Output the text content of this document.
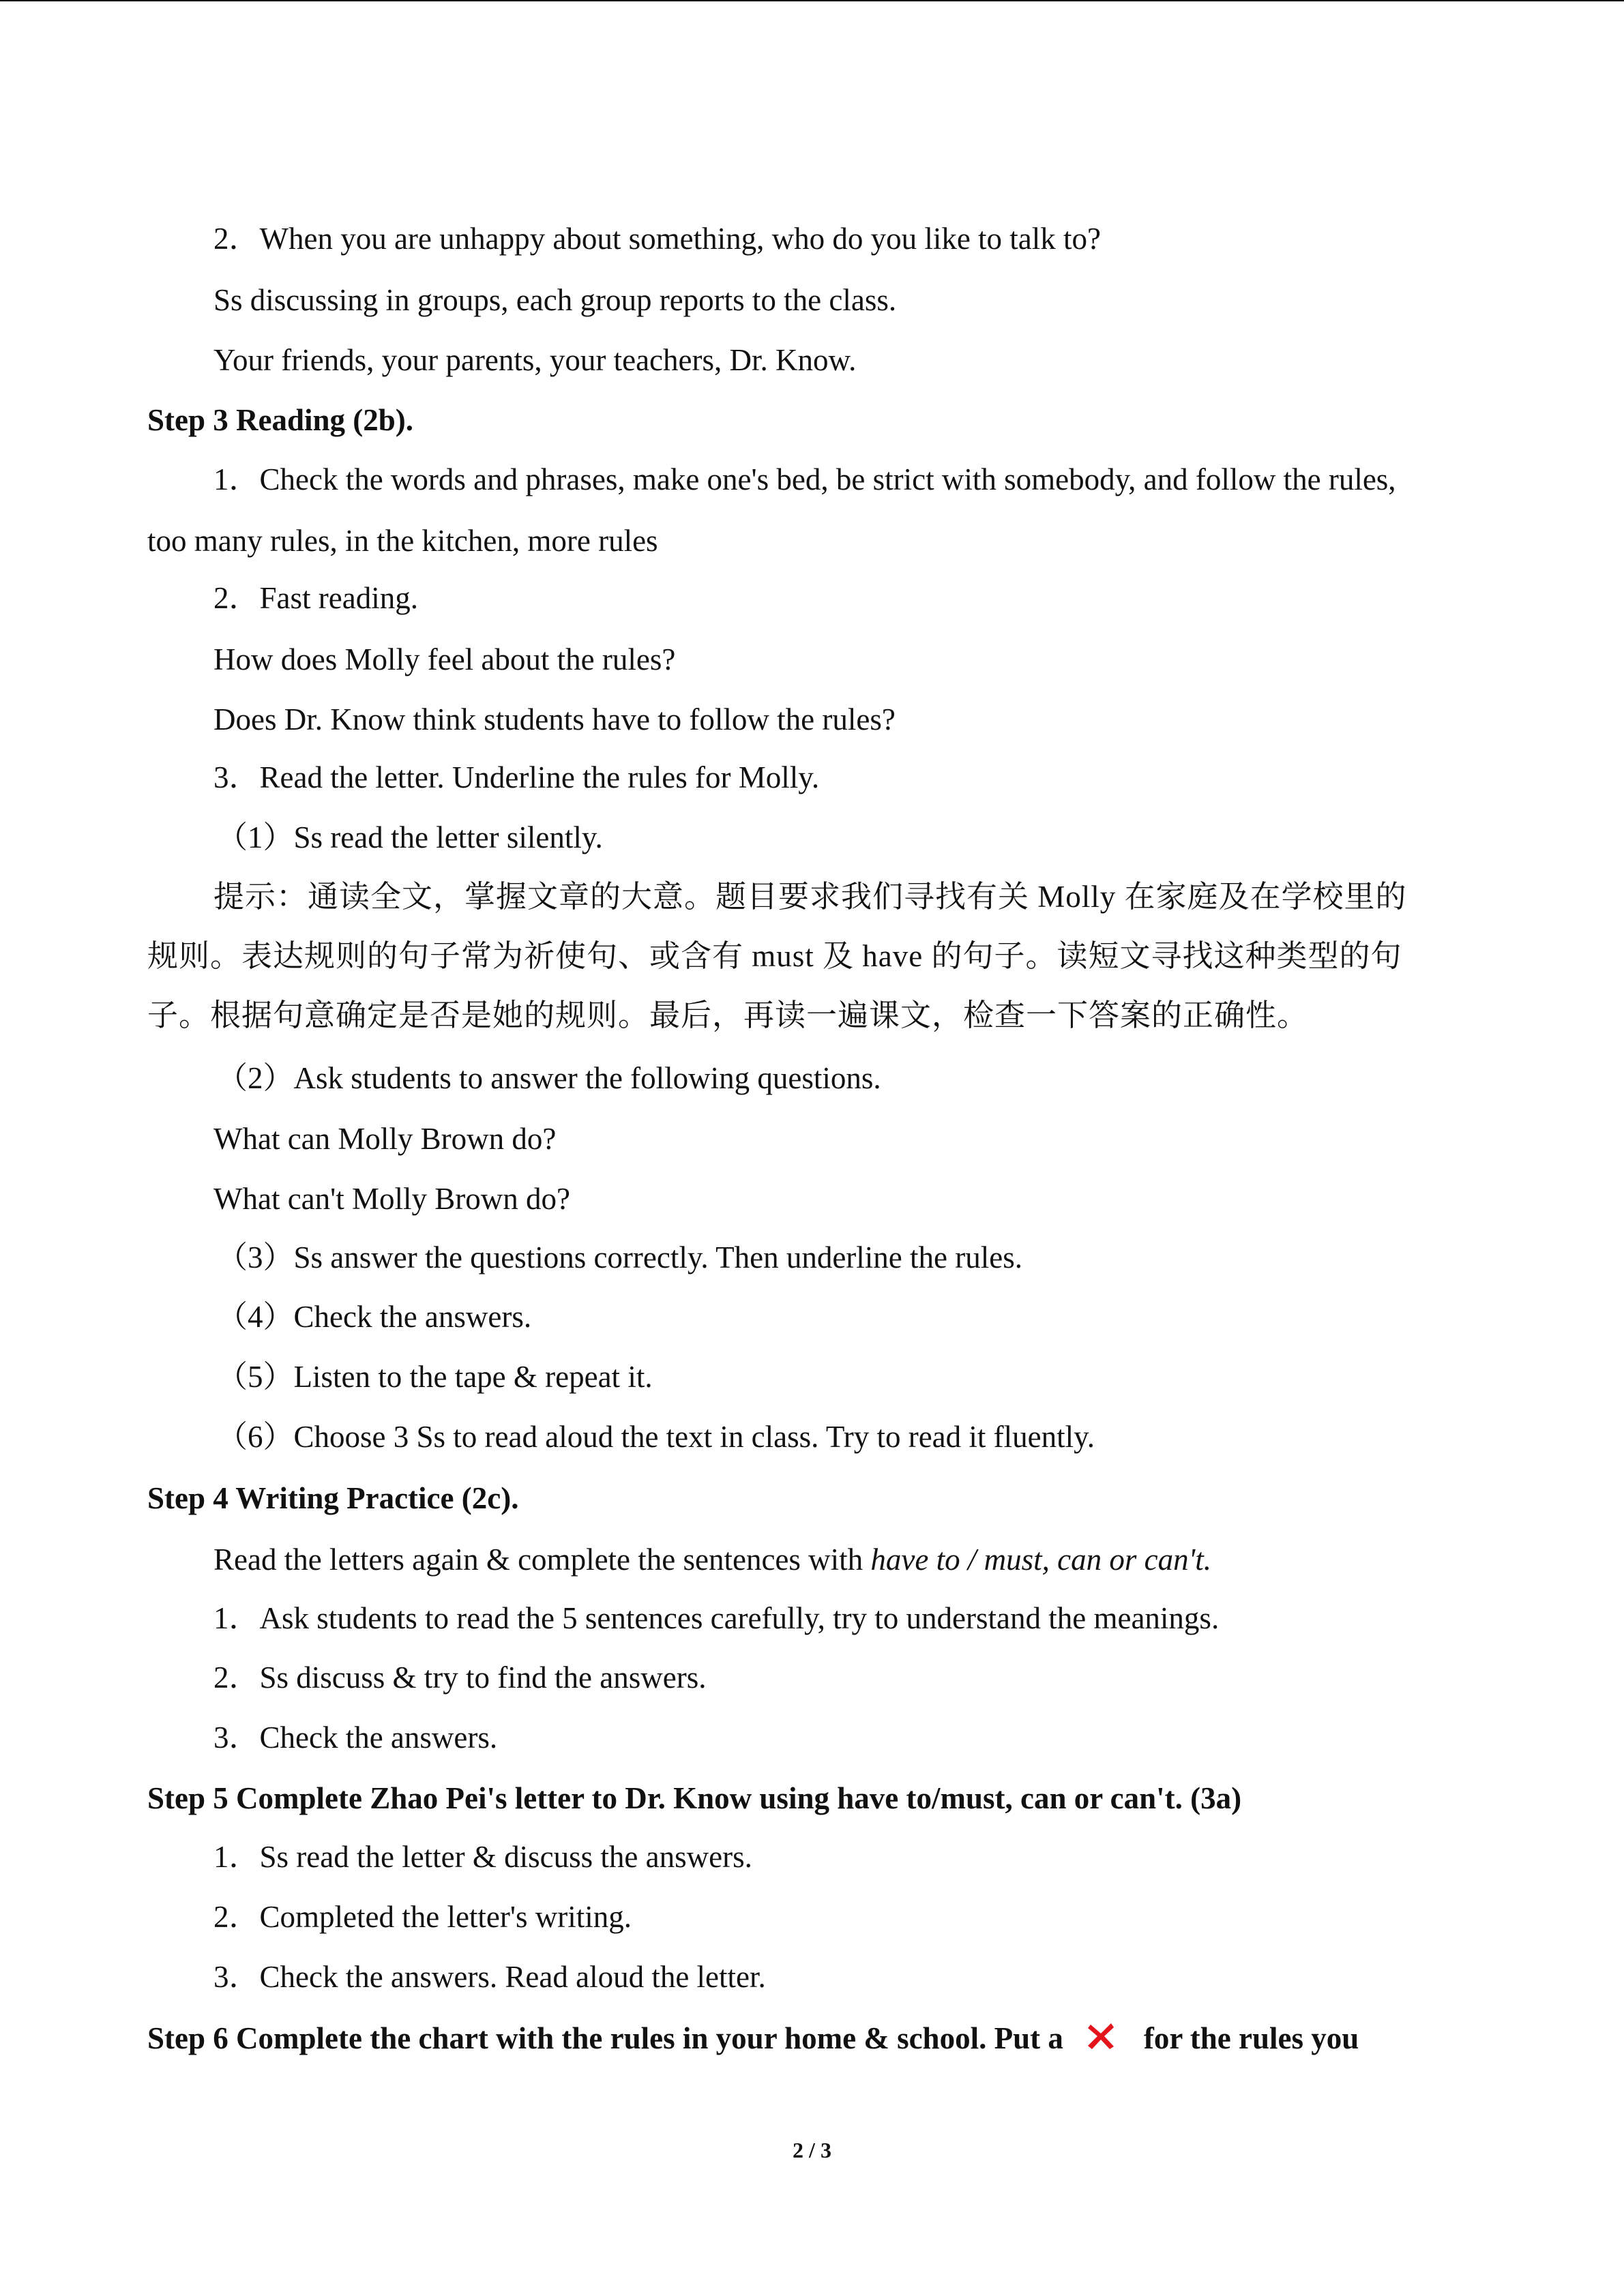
2．When you are unhappy about something, who do you like to talk to?
Ss discussing in groups, each group reports to the class.
Your friends, your parents, your teachers, Dr. Know.
Step 3 Reading (2b).
1．Check the words and phrases, make one's bed, be strict with somebody, and follow the rules,
too many rules, in the kitchen, more rules
2．Fast reading.
How does Molly feel about the rules?
Does Dr. Know think students have to follow the rules?
3．Read the letter. Underline the rules for Molly.
（1）Ss read the letter silently.
提示：通读全文，掌握文章的大意。题目要求我们寻找有关 Molly 在家庭及在学校里的
规则。表达规则的句子常为祈使句、或含有 must 及 have 的句子。读短文寻找这种类型的句
子。根据句意确定是否是她的规则。最后，再读一遍课文，检查一下答案的正确性。
（2）Ask students to answer the following questions.
What can Molly Brown do?
What can't Molly Brown do?
（3）Ss answer the questions correctly. Then underline the rules.
（4）Check the answers.
（5）Listen to the tape & repeat it.
（6）Choose 3 Ss to read aloud the text in class. Try to read it fluently.
Step 4 Writing Practice (2c).
Read the letters again & complete the sentences with have to / must, can or can't.
1．Ask students to read the 5 sentences carefully, try to understand the meanings.
2．Ss discuss & try to find the answers.
3．Check the answers.
Step 5 Complete Zhao Pei's letter to Dr. Know using have to/must, can or can't. (3a)
1．Ss read the letter & discuss the answers.
2．Completed the letter's writing.
3．Check the answers. Read aloud the letter.
Step 6 Complete the chart with the rules in your home & school. Put a	for the rules you
2 / 3
